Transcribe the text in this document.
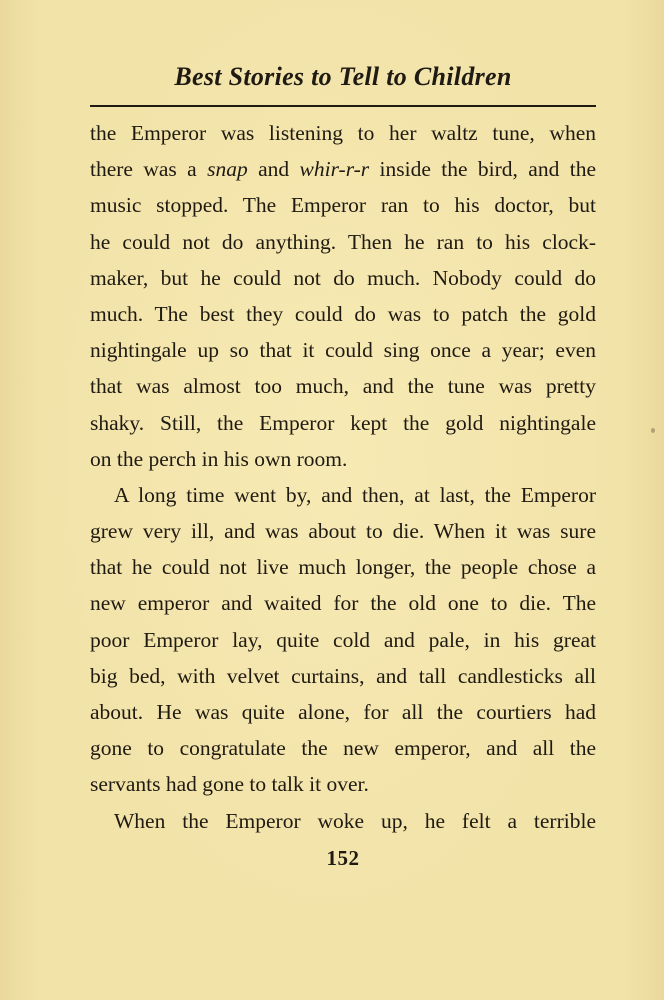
Best Stories to Tell to Children
the Emperor was listening to her waltz tune, when
there was a snap and whir-r-r inside the bird, and the
music stopped. The Emperor ran to his doctor, but
he could not do anything. Then he ran to his clock-
maker, but he could not do much. Nobody could do
much. The best they could do was to patch the gold
nightingale up so that it could sing once a year; even
that was almost too much, and the tune was pretty
shaky. Still, the Emperor kept the gold nightingale
on the perch in his own room.
A long time went by, and then, at last, the Emperor
grew very ill, and was about to die. When it was sure
that he could not live much longer, the people chose a
new emperor and waited for the old one to die. The
poor Emperor lay, quite cold and pale, in his great
big bed, with velvet curtains, and tall candlesticks all
about. He was quite alone, for all the courtiers had
gone to congratulate the new emperor, and all the
servants had gone to talk it over.
When the Emperor woke up, he felt a terrible
152
